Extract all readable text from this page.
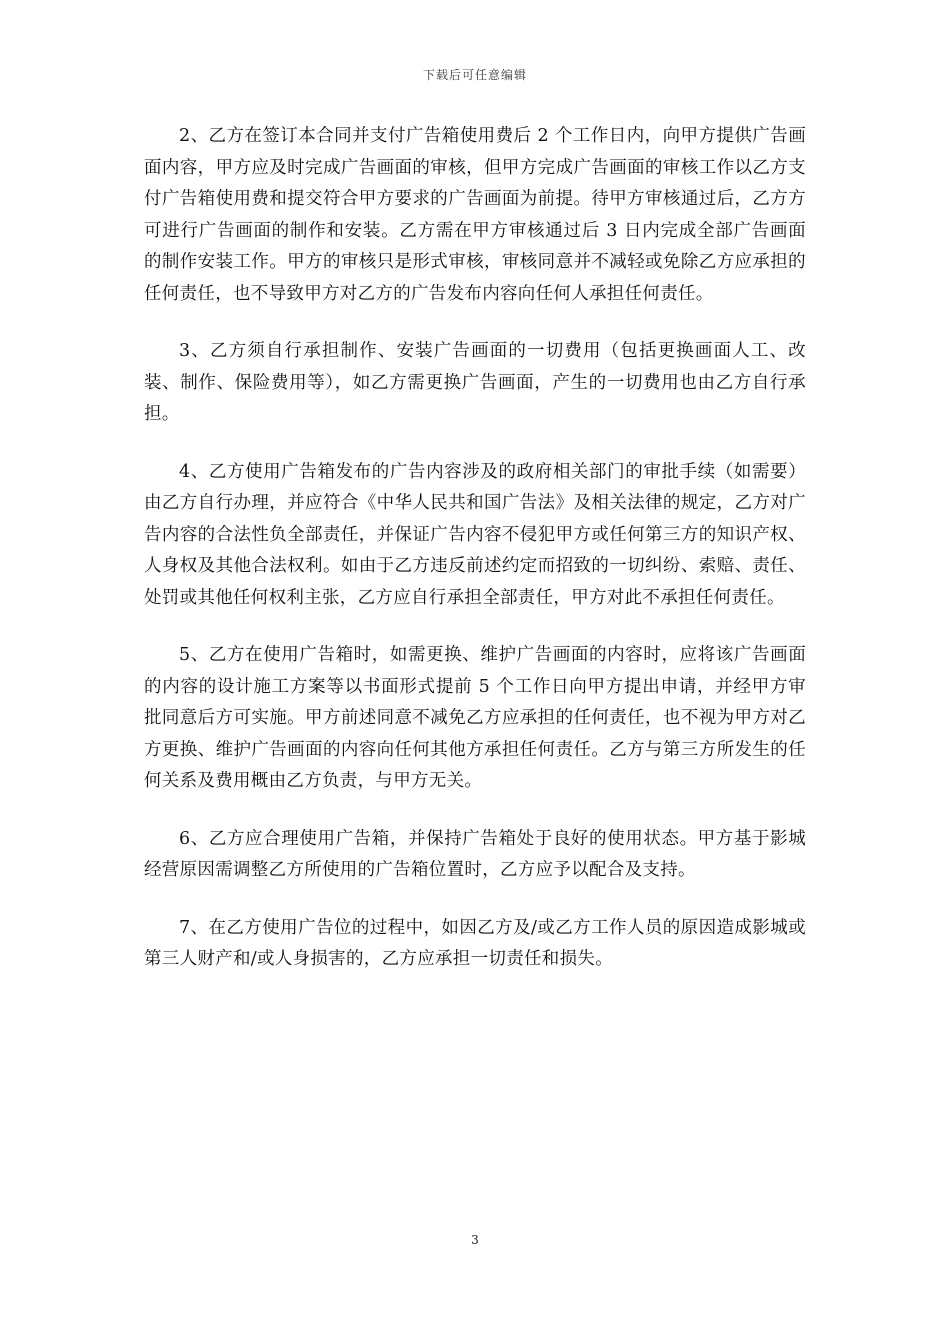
下载后可任意编辑

2、乙方在签订本合同并支付广告箱使用费后 2 个工作日内，向甲方提供广告画面内容，甲方应及时完成广告画面的审核，但甲方完成广告画面的审核工作以乙方支付广告箱使用费和提交符合甲方要求的广告画面为前提。待甲方审核通过后，乙方方可进行广告画面的制作和安装。乙方需在甲方审核通过后 3 日内完成全部广告画面的制作安装工作。甲方的审核只是形式审核，审核同意并不减轻或免除乙方应承担的任何责任，也不导致甲方对乙方的广告发布内容向任何人承担任何责任。

3、乙方须自行承担制作、安装广告画面的一切费用（包括更换画面人工、改装、制作、保险费用等），如乙方需更换广告画面，产生的一切费用也由乙方自行承担。

4、乙方使用广告箱发布的广告内容涉及的政府相关部门的审批手续（如需要）由乙方自行办理，并应符合《中华人民共和国广告法》及相关法律的规定，乙方对广告内容的合法性负全部责任，并保证广告内容不侵犯甲方或任何第三方的知识产权、人身权及其他合法权利。如由于乙方违反前述约定而招致的一切纠纷、索赔、责任、处罚或其他任何权利主张，乙方应自行承担全部责任，甲方对此不承担任何责任。

5、乙方在使用广告箱时，如需更换、维护广告画面的内容时，应将该广告画面的内容的设计施工方案等以书面形式提前 5 个工作日向甲方提出申请，并经甲方审批同意后方可实施。甲方前述同意不减免乙方应承担的任何责任，也不视为甲方对乙方更换、维护广告画面的内容向任何其他方承担任何责任。乙方与第三方所发生的任何关系及费用概由乙方负责，与甲方无关。

6、乙方应合理使用广告箱，并保持广告箱处于良好的使用状态。甲方基于影城经营原因需调整乙方所使用的广告箱位置时，乙方应予以配合及支持。

7、在乙方使用广告位的过程中，如因乙方及/或乙方工作人员的原因造成影城或第三人财产和/或人身损害的，乙方应承担一切责任和损失。

3
